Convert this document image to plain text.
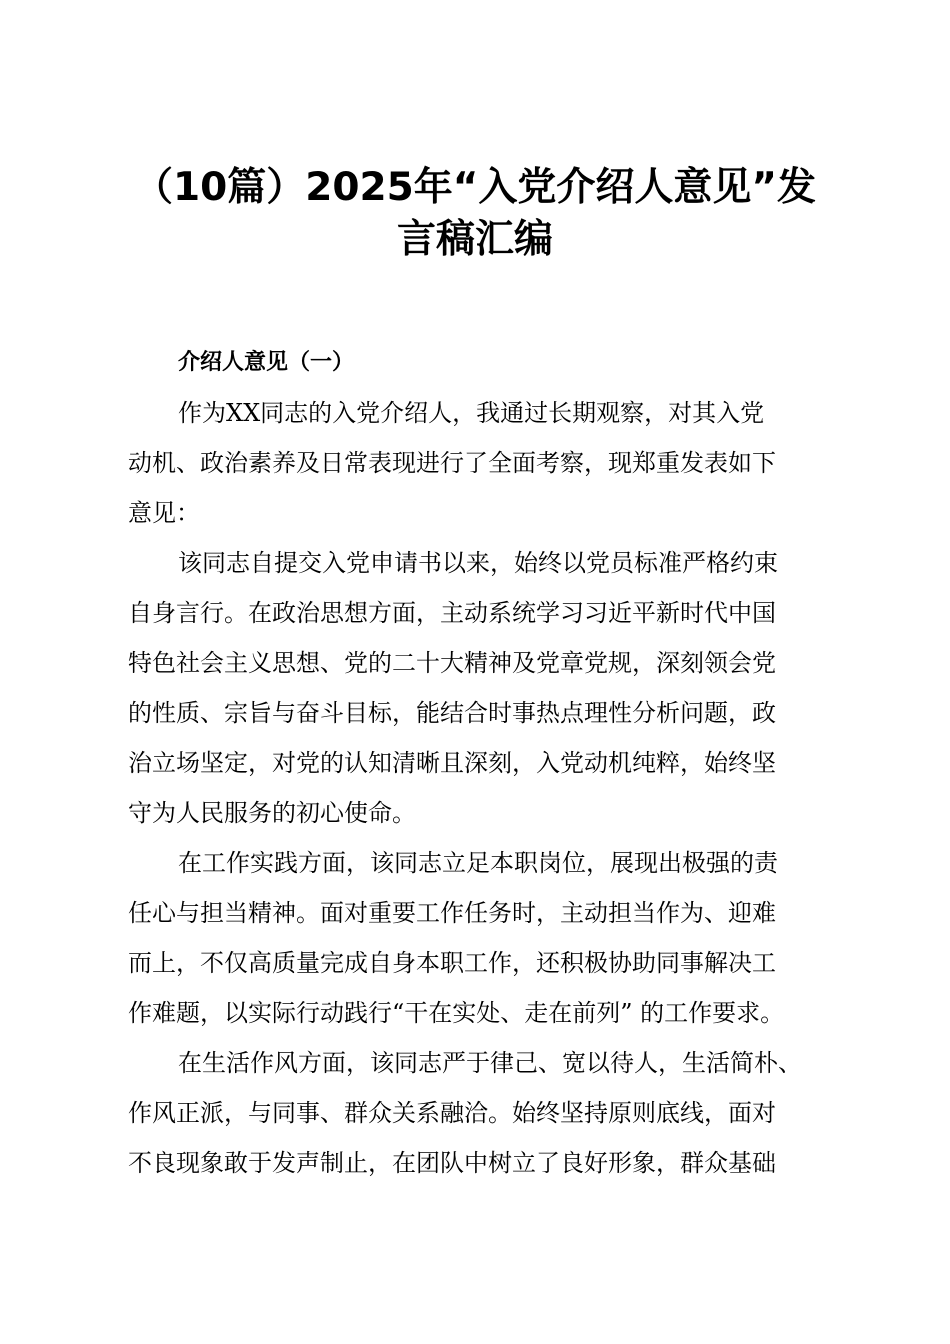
（10篇）2025年“入党介绍人意见”发
言稿汇编
介绍人意见（一）
作为XX同志的入党介绍人，我通过长期观察，对其入党
动机、政治素养及日常表现进行了全面考察，现郑重发表如下
意见：
该同志自提交入党申请书以来，始终以党员标准严格约束
自身言行。在政治思想方面，主动系统学习习近平新时代中国
特色社会主义思想、党的二十大精神及党章党规，深刻领会党
的性质、宗旨与奋斗目标，能结合时事热点理性分析问题，政
治立场坚定，对党的认知清晰且深刻，入党动机纯粹，始终坚
守为人民服务的初心使命。
在工作实践方面，该同志立足本职岗位，展现出极强的责
任心与担当精神。面对重要工作任务时，主动担当作为、迎难
而上，不仅高质量完成自身本职工作，还积极协助同事解决工
作难题，以实际行动践行“干在实处、走在前列” 的工作要求。
在生活作风方面，该同志严于律己、宽以待人，生活简朴、
作风正派，与同事、群众关系融洽。始终坚持原则底线，面对
不良现象敢于发声制止，在团队中树立了良好形象，群众基础
